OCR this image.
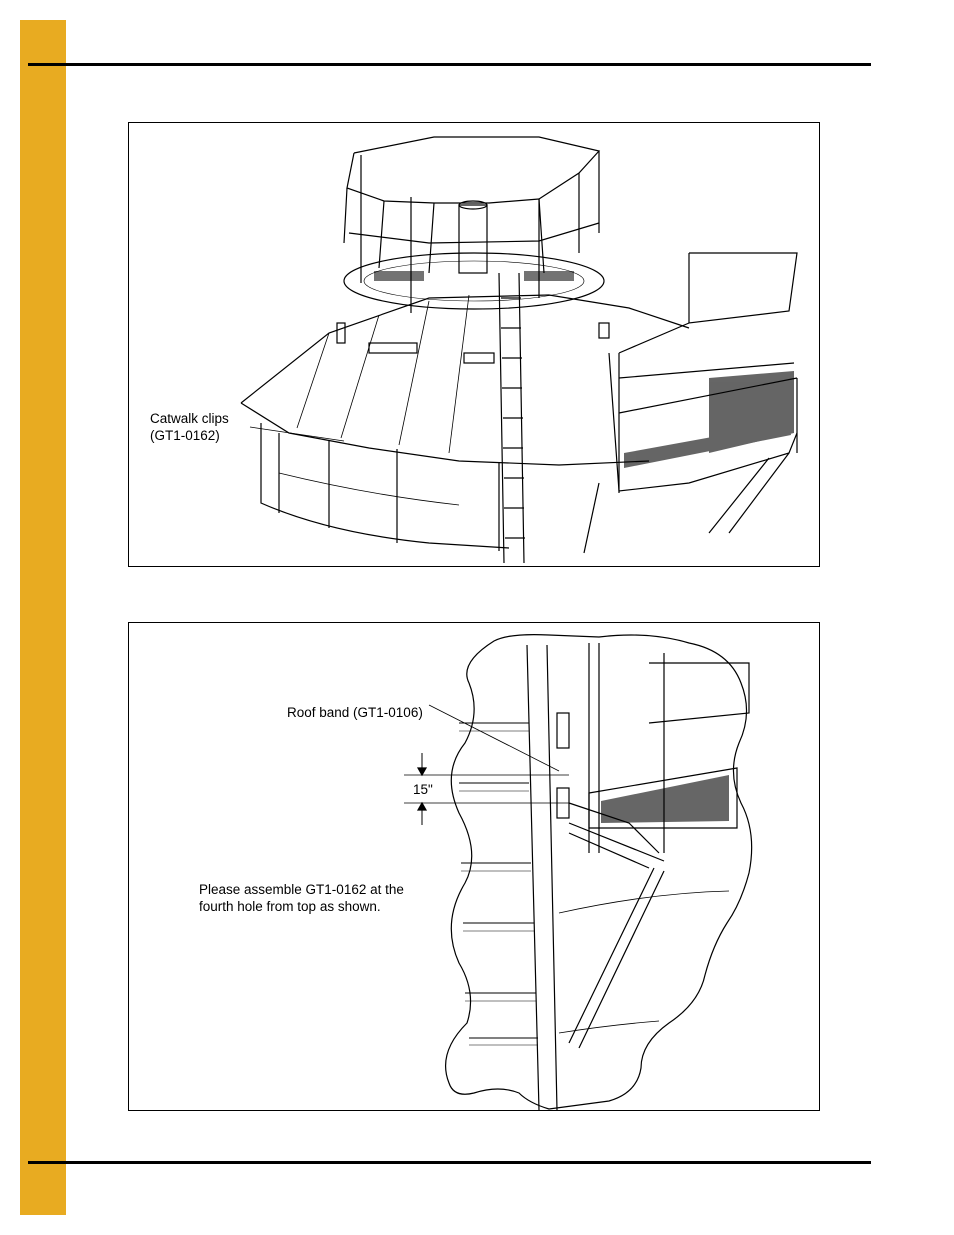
Catwalk clips
(GT1-0162)
Roof band (GT1-0106)
15"
Please assemble GT1-0162 at the
fourth hole from top as shown.
